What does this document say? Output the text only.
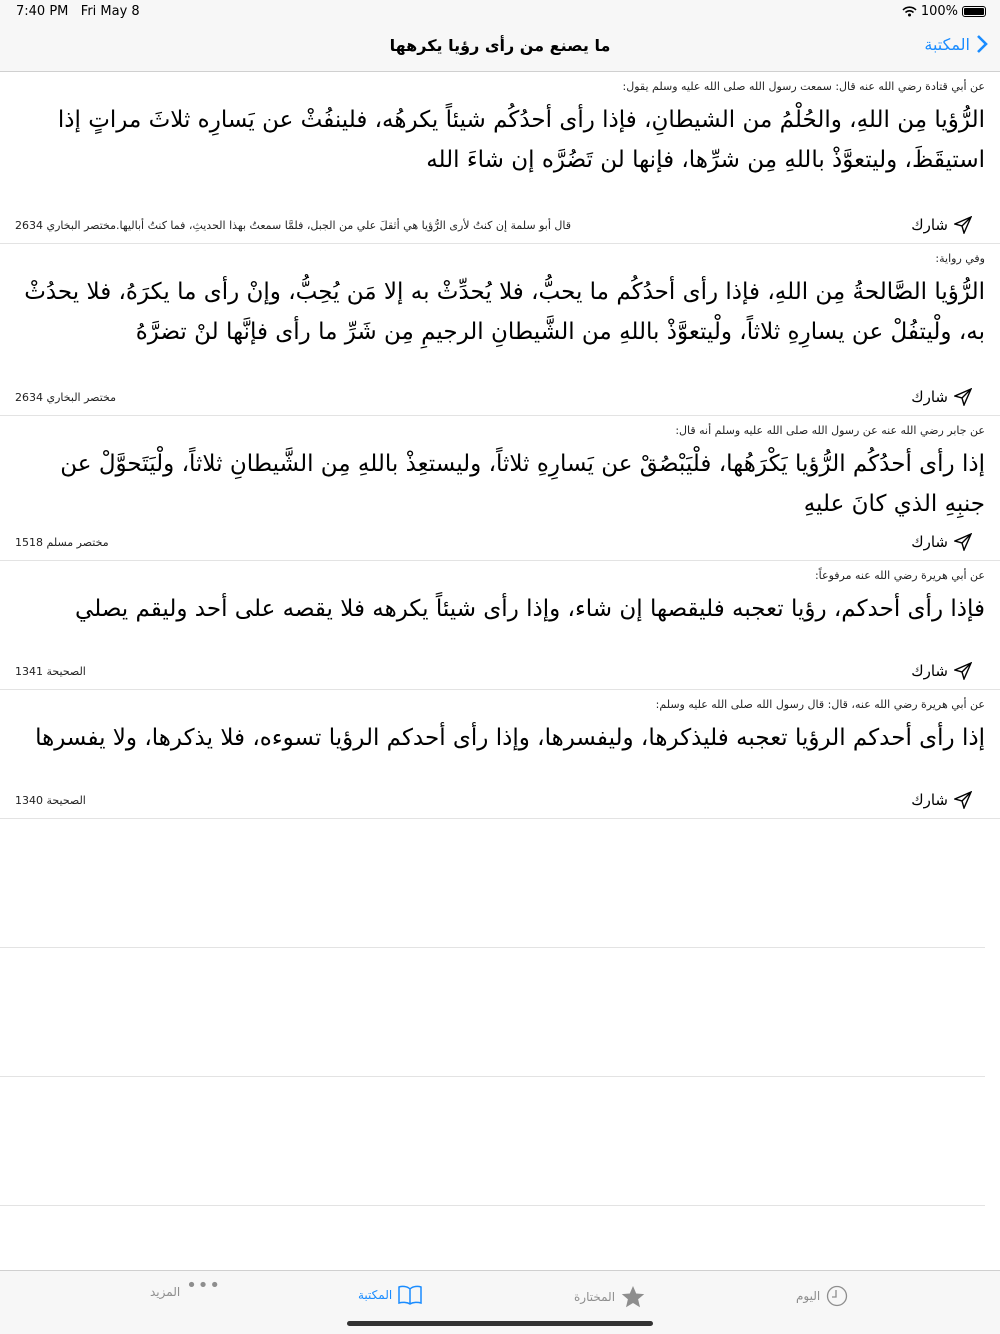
7:40 PM Fri May 8	100%
ما يصنع من رأى رؤيا يكرهها	المكتبة
عن أبي قتادة رضي الله عنه قال: سمعت رسول الله صلى الله عليه وسلم يقول:
الرُّؤيا مِن اللهِ، والحُلْمُ من الشيطانِ، فإذا رأى أحدُكُم شيئاً يكرهُه، فلينفُثْ عن يَسارِه ثلاثَ مراتٍ إذا استيقَظَ، وليتعوَّذْ باللهِ مِن شرِّها، فإنها لن تَضُرَّه إن شاءَ الله
شارك
قال أبو سلمة إن كنتُ لأرى الرُّؤيا هي أثقلَ علي من الجبل، فلمَّا سمعتُ بهذا الحديثِ، فما كنتُ أباليها.مختصر البخاري 2634
وفي رواية:
الرُّؤيا الصَّالحةُ مِن اللهِ، فإذا رأى أحدُكُم ما يحبُّ، فلا يُحدِّثْ به إلا مَن يُحِبُّ، وإنْ رأى ما يكرَهُ، فلا يحدُثْ به، ولْيتفُلْ عن يسارِهِ ثلاثاً، ولْيتعوَّذْ باللهِ من الشَّيطانِ الرجيمِ مِن شَرِّ ما رأى فإنَّها لنْ تضرَّهُ
شارك
مختصر البخاري 2634
عن جابر رضي الله عنه عن رسول الله صلى الله عليه وسلم أنه قال:
إذا رأى أحدُكُم الرُّؤيا يَكْرَهُها، فلْيَبْصُقْ عن يَسارِهِ ثلاثاً، وليستعِذْ باللهِ مِن الشَّيطانِ ثلاثاً، ولْيَتَحوَّلْ عن جنبِهِ الذي كانَ عليهِ
شارك
مختصر مسلم 1518
عن أبي هريرة رضي الله عنه مرفوعاً:
فإذا رأى أحدكم، رؤيا تعجبه فليقصها إن شاء، وإذا رأى شيئاً يكرهه فلا يقصه على أحد وليقم يصلي
شارك
الصحيحة 1341
عن أبي هريرة رضي الله عنه، قال: قال رسول الله صلى الله عليه وسلم:
إذا رأى أحدكم الرؤيا تعجبه فليذكرها، وليفسرها، وإذا رأى أحدكم الرؤيا تسوءه، فلا يذكرها، ولا يفسرها
شارك
الصحيحة 1340
اليوم
المختارة
المكتبة
•••
المزيد
